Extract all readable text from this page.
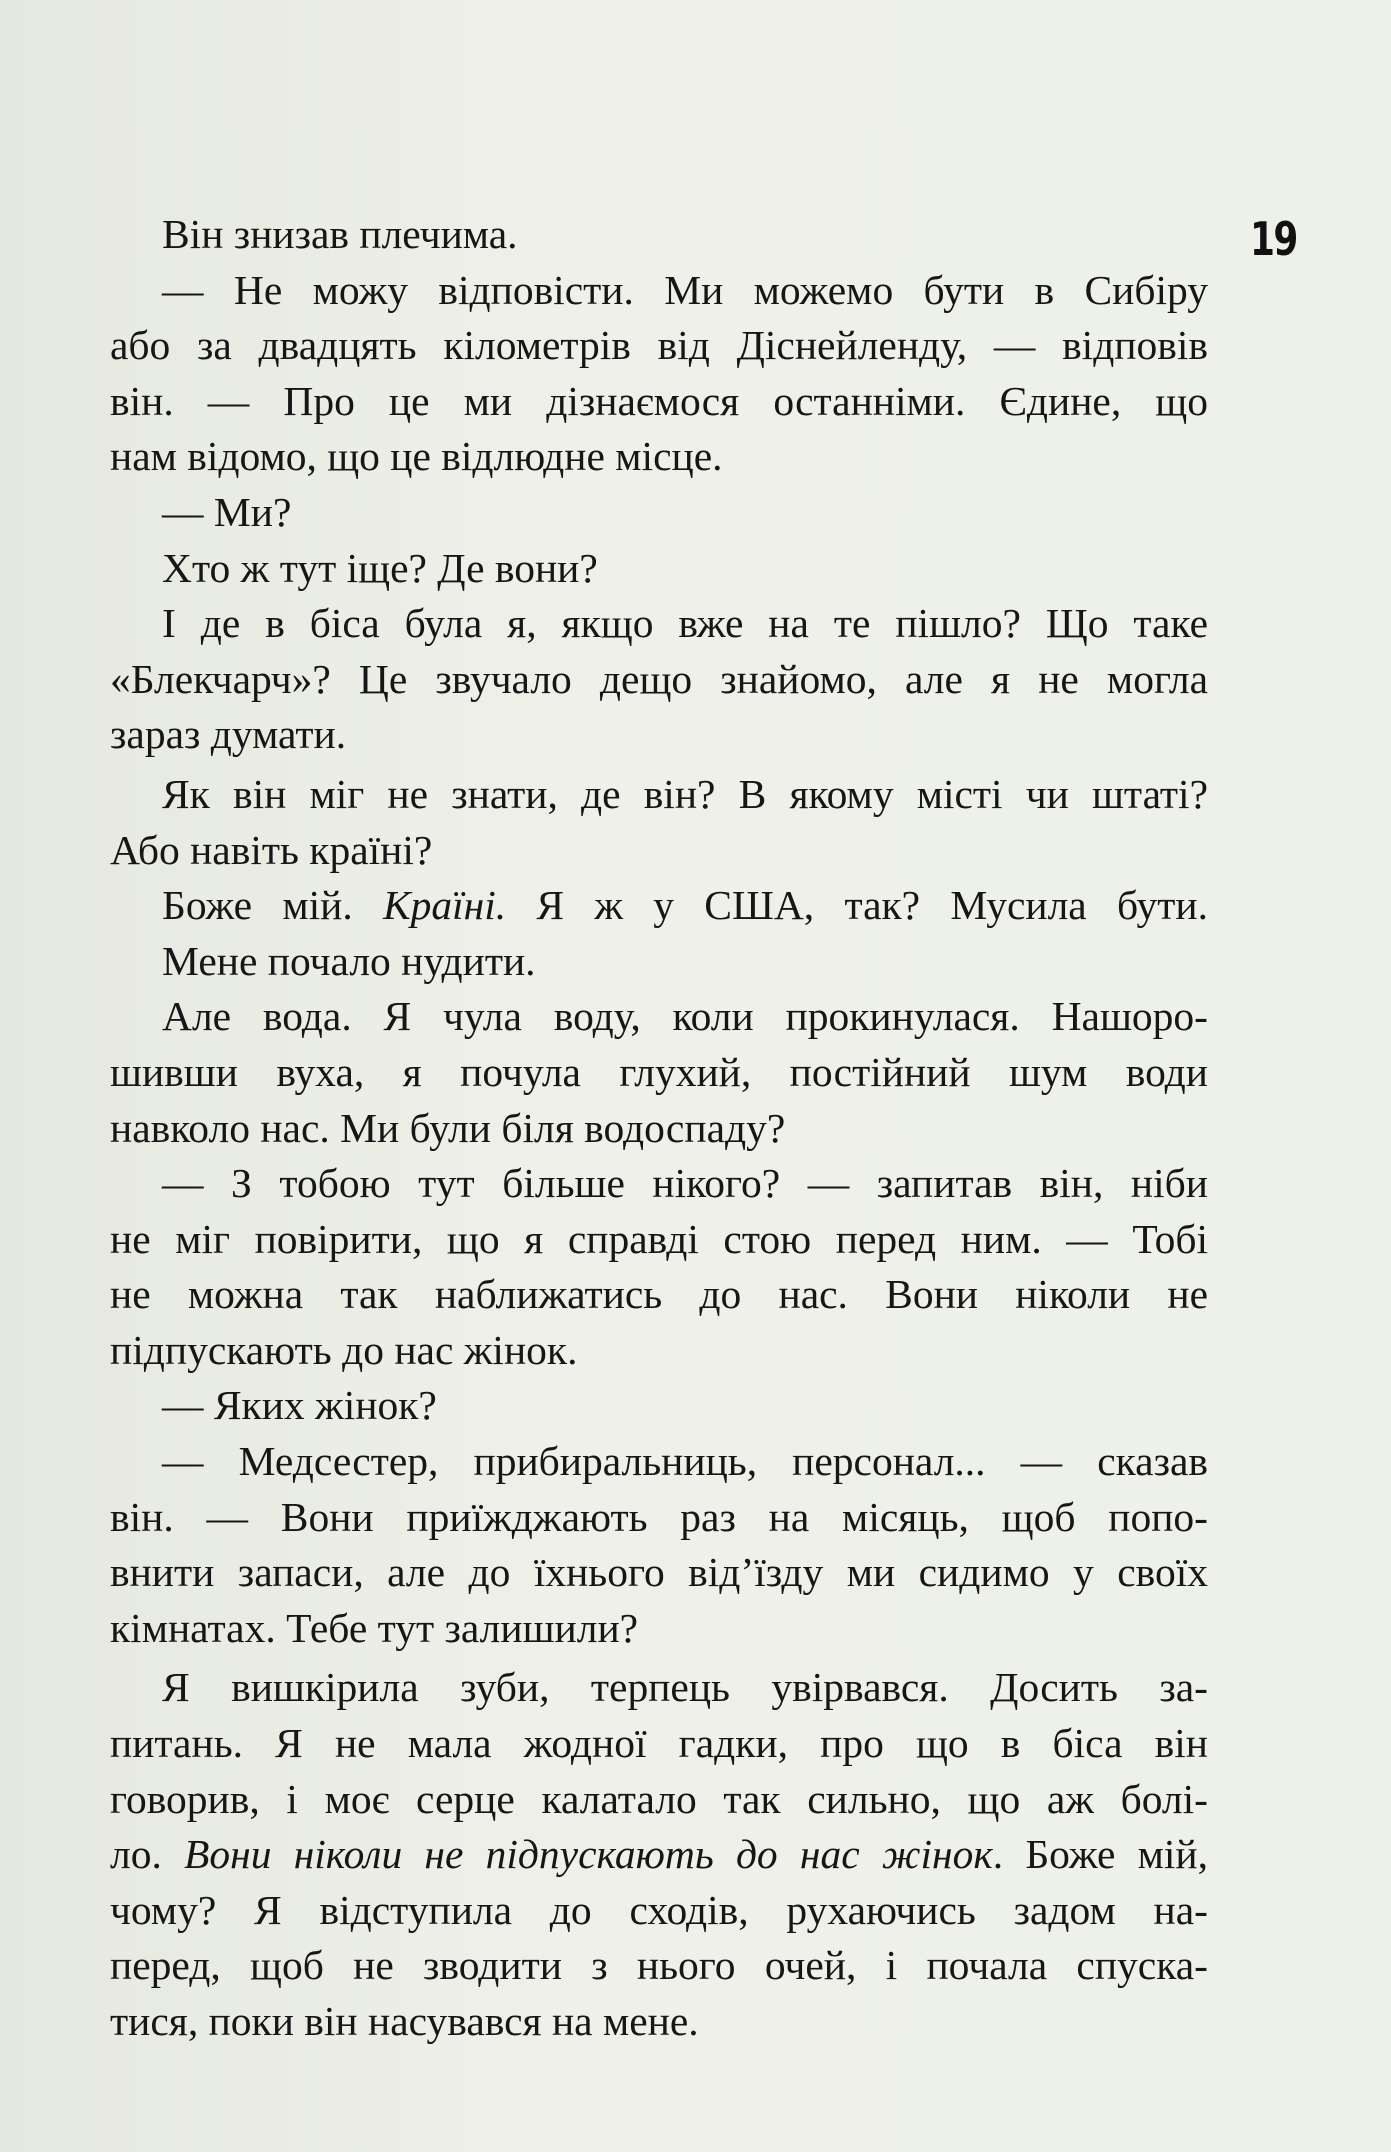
19
Він знизав плечима.
— Не можу відповісти. Ми можемо бути в Сибіру
або за двадцять кілометрів від Діснейленду, — відповів
він. — Про це ми дізнаємося останніми. Єдине, що
нам відомо, що це відлюдне місце.
— Ми?
Хто ж тут іще? Де вони?
І де в біса була я, якщо вже на те пішло? Що таке
«Блекчарч»? Це звучало дещо знайомо, але я не могла
зараз думати.
Як він міг не знати, де він? В якому місті чи штаті?
Або навіть країні?
Боже мій. Країні. Я ж у США, так? Мусила бути.
Мене почало нудити.
Але вода. Я чула воду, коли прокинулася. Нашоро-
шивши вуха, я почула глухий, постійний шум води
навколо нас. Ми були біля водоспаду?
— З тобою тут більше нікого? — запитав він, ніби
не міг повірити, що я справді стою перед ним. — Тобі
не можна так наближатись до нас. Вони ніколи не
підпускають до нас жінок.
— Яких жінок?
— Медсестер, прибиральниць, персонал... — сказав
він. — Вони приїжджають раз на місяць, щоб попо-
внити запаси, але до їхнього від’їзду ми сидимо у своїх
кімнатах. Тебе тут залишили?
Я вишкірила зуби, терпець увірвався. Досить за-
питань. Я не мала жодної гадки, про що в біса він
говорив, і моє серце калатало так сильно, що аж болі-
ло. Вони ніколи не підпускають до нас жінок. Боже мій,
чому? Я відступила до сходів, рухаючись задом на-
перед, щоб не зводити з нього очей, і почала спуска-
тися, поки він насувався на мене.
